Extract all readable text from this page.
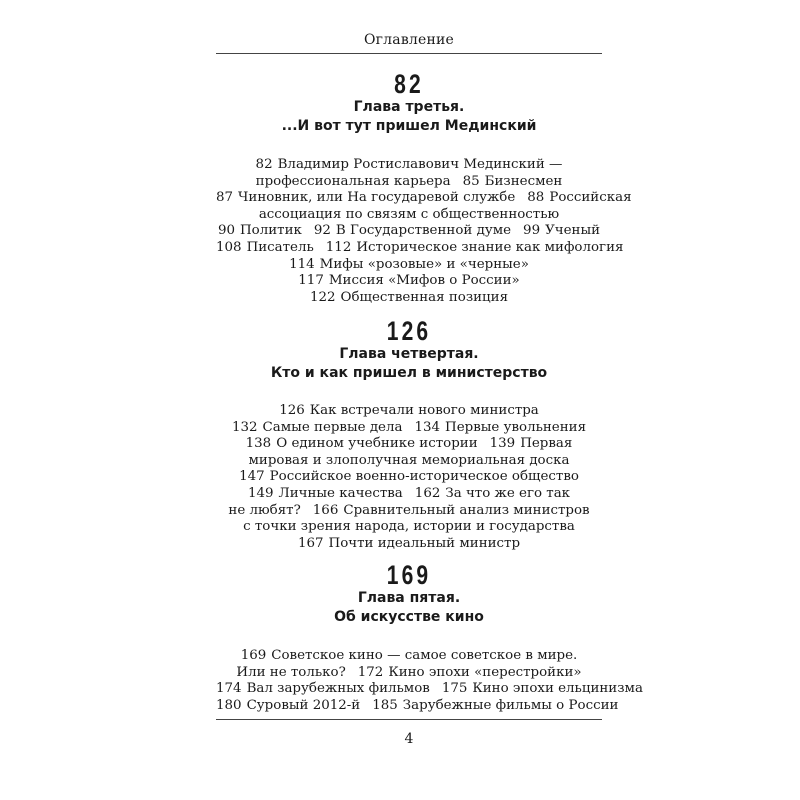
Оглавление
82
Глава третья.
...И вот тут пришел Мединский
82 Владимир Ростиславович Мединский —
профессиональная карьера 85 Бизнесмен
87 Чиновник, или На государевой службе 88 Российская
ассоциация по связям с общественностью
90 Политик 92 В Государственной думе 99 Ученый
108 Писатель 112 Историческое знание как мифология
114 Мифы «розовые» и «черные»
117 Миссия «Мифов о России»
122 Общественная позиция
126
Глава четвертая.
Кто и как пришел в министерство
126 Как встречали нового министра
132 Самые первые дела 134 Первые увольнения
138 О едином учебнике истории 139 Первая
мировая и злополучная мемориальная доска
147 Российское военно-историческое общество
149 Личные качества 162 За что же его так
не любят? 166 Сравнительный анализ министров
с точки зрения народа, истории и государства
167 Почти идеальный министр
169
Глава пятая.
Об искусстве кино
169 Советское кино — самое советское в мире.
Или не только? 172 Кино эпохи «перестройки»
174 Вал зарубежных фильмов 175 Кино эпохи ельцинизма
180 Суровый 2012-й 185 Зарубежные фильмы о России
4
